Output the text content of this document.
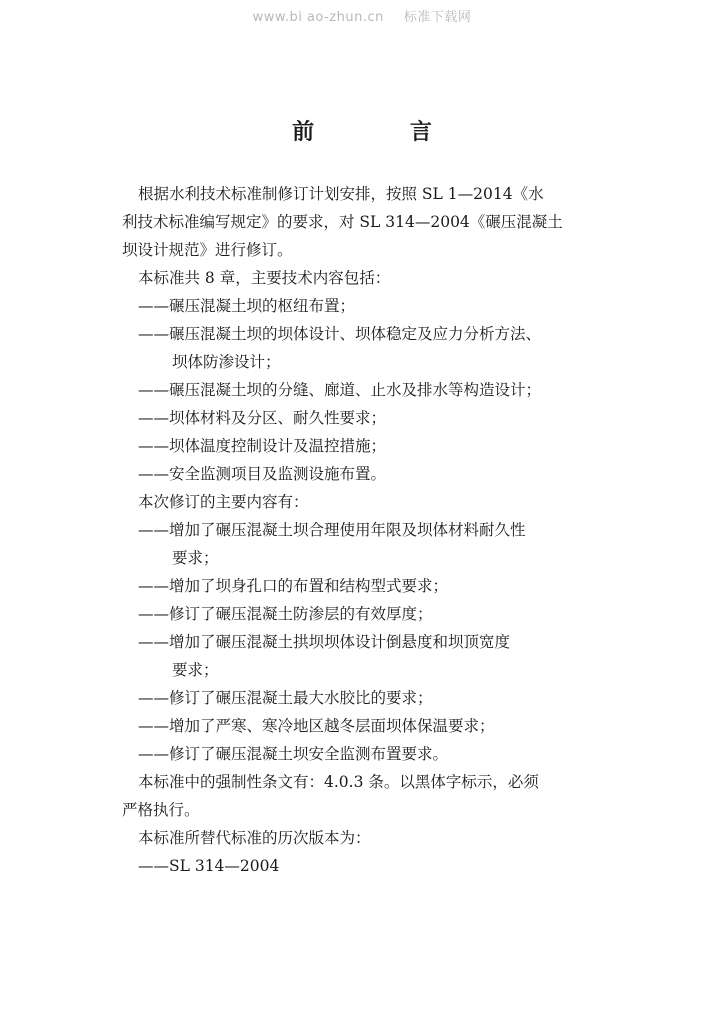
www.bi ao-zhun.cn 标准下载网
前 言

根据水利技术标准制修订计划安排，按照 SL 1—2014《水

利技术标准编写规定》的要求，对 SL 314—2004《碾压混凝土

坝设计规范》进行修订。

本标准共 8 章，主要技术内容包括：

——碾压混凝土坝的枢纽布置；

——碾压混凝土坝的坝体设计、坝体稳定及应力分析方法、

坝体防渗设计；

——碾压混凝土坝的分缝、廊道、止水及排水等构造设计；

——坝体材料及分区、耐久性要求；

——坝体温度控制设计及温控措施；

——安全监测项目及监测设施布置。

本次修订的主要内容有：

——增加了碾压混凝土坝合理使用年限及坝体材料耐久性

要求；

——增加了坝身孔口的布置和结构型式要求；

——修订了碾压混凝土防渗层的有效厚度；

——增加了碾压混凝土拱坝坝体设计倒悬度和坝顶宽度

要求；

——修订了碾压混凝土最大水胶比的要求；

——增加了严寒、寒冷地区越冬层面坝体保温要求；

——修订了碾压混凝土坝安全监测布置要求。

本标准中的强制性条文有：4.0.3 条。以黑体字标示，必须

严格执行。

本标准所替代标准的历次版本为：

——SL 314—2004
